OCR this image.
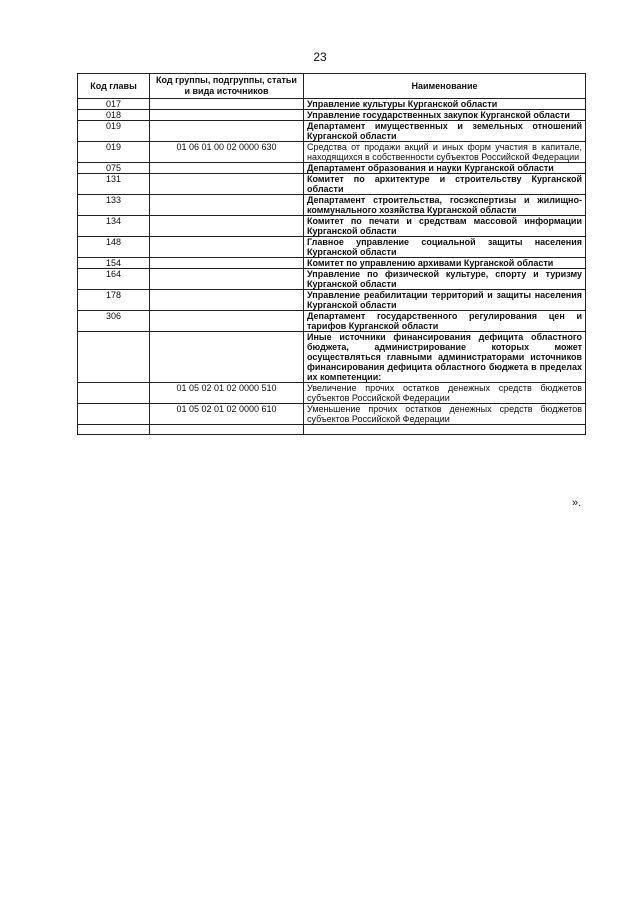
23
Код главы	Код группы, подгруппы, статьи и вида источников	Наименование
017		Управление культуры Курганской области
018		Управление государственных закупок Курганской области
019		Департамент имущественных и земельных отношений Курганской области
019	01 06 01 00 02 0000 630	Средства от продажи акций и иных форм участия в капитале, находящихся в собственности субъектов Российской Федерации
075		Департамент образования и науки Курганской области
131		Комитет по архитектуре и строительству Курганской области
133		Департамент строительства, госэкспертизы и жилищно-коммунального хозяйства Курганской области
134		Комитет по печати и средствам массовой информации Курганской области
148		Главное управление социальной защиты населения Курганской области
154		Комитет по управлению архивами Курганской области
164		Управление по физической культуре, спорту и туризму Курганской области
178		Управление реабилитации территорий и защиты населения Курганской области
306		Департамент государственного регулирования цен и тарифов Курганской области
		Иные источники финансирования дефицита областного бюджета, администрирование которых может осуществляться главными администраторами источников финансирования дефицита областного бюджета в пределах их компетенции:
	01 05 02 01 02 0000 510	Увеличение прочих остатков денежных средств бюджетов субъектов Российской Федерации
	01 05 02 01 02 0000 610	Уменьшение прочих остатков денежных средств бюджетов субъектов Российской Федерации

».
